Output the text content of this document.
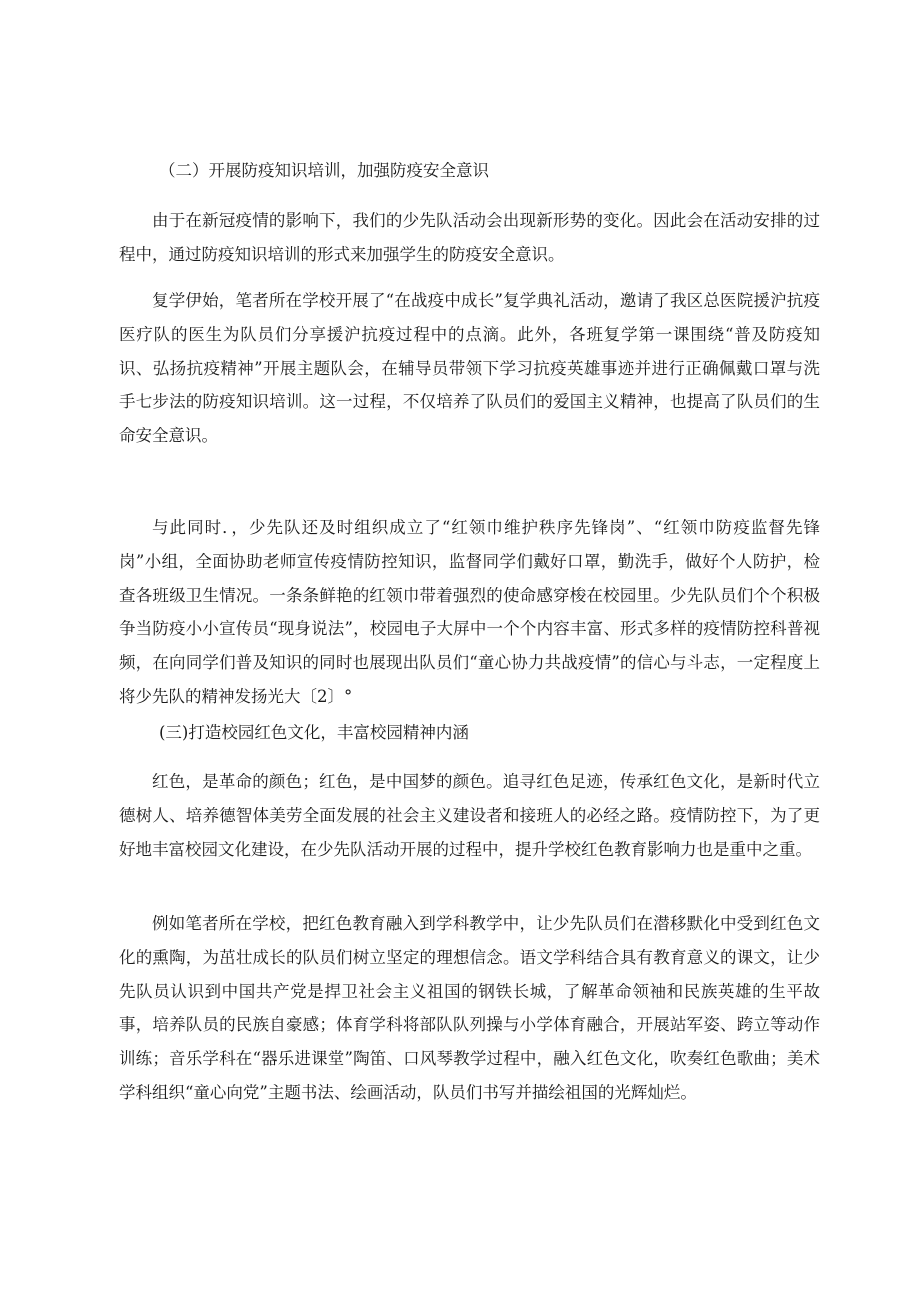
（二）开展防疫知识培训，加强防疫安全意识

由于在新冠疫情的影响下，我们的少先队活动会出现新形势的变化。因此会在活动安排的过程中，通过防疫知识培训的形式来加强学生的防疫安全意识。

复学伊始，笔者所在学校开展了“在战疫中成长”复学典礼活动，邀请了我区总医院援沪抗疫医疗队的医生为队员们分享援沪抗疫过程中的点滴。此外，各班复学第一课围绕“普及防疫知识、弘扬抗疫精神”开展主题队会，在辅导员带领下学习抗疫英雄事迹并进行正确佩戴口罩与洗手七步法的防疫知识培训。这一过程，不仅培养了队员们的爱国主义精神，也提高了队员们的生命安全意识。

与此同时．，少先队还及时组织成立了“红领巾维护秩序先锋岗”、“红领巾防疫监督先锋岗”小组，全面协助老师宣传疫情防控知识，监督同学们戴好口罩，勤洗手，做好个人防护，检查各班级卫生情况。一条条鲜艳的红领巾带着强烈的使命感穿梭在校园里。少先队员们个个积极争当防疫小小宣传员“现身说法”，校园电子大屏中一个个内容丰富、形式多样的疫情防控科普视频，在向同学们普及知识的同时也展现出队员们“童心协力共战疫情”的信心与斗志，一定程度上将少先队的精神发扬光大〔2〕°

(三)打造校园红色文化，丰富校园精神内涵

红色，是革命的颜色；红色，是中国梦的颜色。追寻红色足迹，传承红色文化，是新时代立德树人、培养德智体美劳全面发展的社会主义建设者和接班人的必经之路。疫情防控下，为了更好地丰富校园文化建设，在少先队活动开展的过程中，提升学校红色教育影响力也是重中之重。

例如笔者所在学校，把红色教育融入到学科教学中，让少先队员们在潜移默化中受到红色文化的熏陶，为茁壮成长的队员们树立坚定的理想信念。语文学科结合具有教育意义的课文，让少先队员认识到中国共产党是捍卫社会主义祖国的钢铁长城，了解革命领袖和民族英雄的生平故事，培养队员的民族自豪感；体育学科将部队队列操与小学体育融合，开展站军姿、跨立等动作训练；音乐学科在“器乐进课堂”陶笛、口风琴教学过程中，融入红色文化，吹奏红色歌曲；美术学科组织“童心向党”主题书法、绘画活动，队员们书写并描绘祖国的光辉灿烂。
